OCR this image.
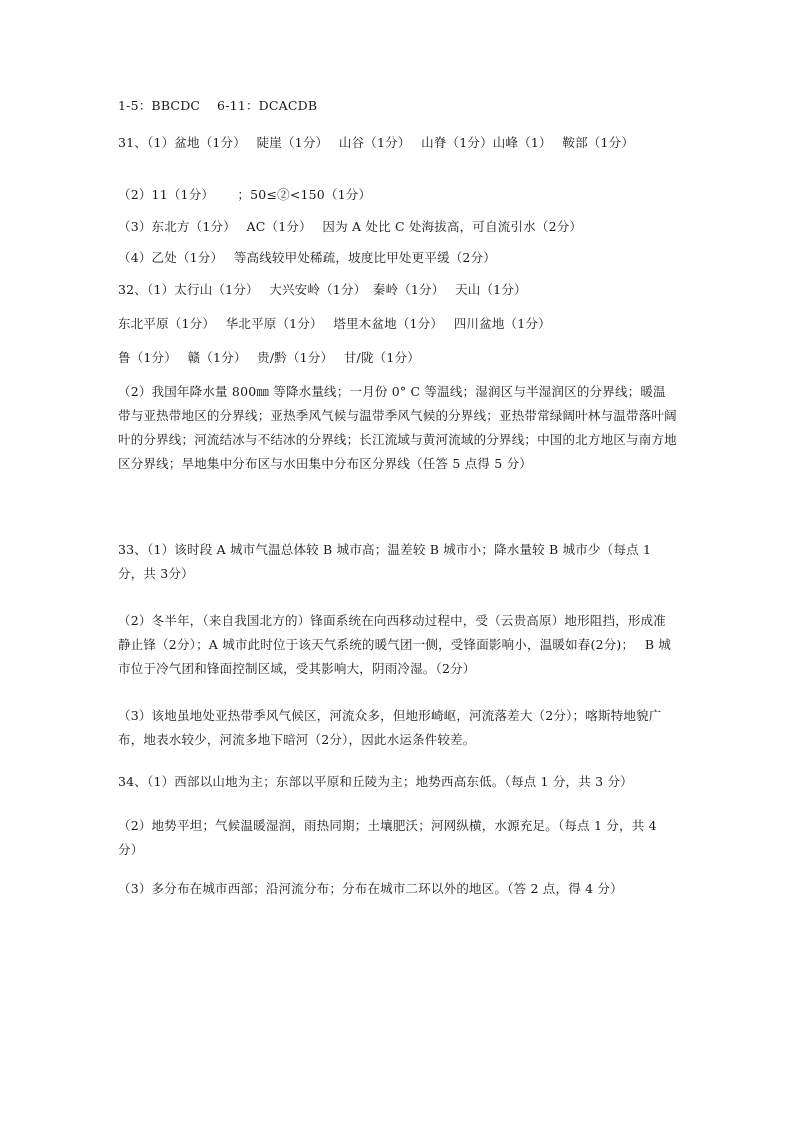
1-5：BBCDC　 6-11：DCACDB
31、（1）盆地（1分）　 陡崖（1分）　 山谷（1分）　 山脊（1分）山峰（1）　 鞍部（1分）
（2）11（1分）　 　；50≤②<150（1分）
（3）东北方（1分）　 AC（1分）　 因为 A 处比 C 处海拔高，可自流引水（2分）
（4）乙处（1分）　 等高线较甲处稀疏，坡度比甲处更平缓（2分）
32、（1）太行山（1分）　 大兴安岭（1分）　秦岭（1分）　 天山（1分）
东北平原（1分）　 华北平原（1分）　 塔里木盆地（1分）　 四川盆地（1分）
鲁（1分）　 赣（1分）　 贵/黔（1分）　 甘/陇（1分）
（2）我国年降水量 800㎜ 等降水量线；一月份 0° C 等温线；湿润区与半湿润区的分界线；暖温带与亚热带地区的分界线；亚热季风气候与温带季风气候的分界线；亚热带常绿阔叶林与温带落叶阔叶的分界线；河流结冰与不结冰的分界线；长江流域与黄河流域的分界线；中国的北方地区与南方地区分界线；旱地集中分布区与水田集中分布区分界线（任答 5 点得 5 分）
33、（1）该时段 A 城市气温总体较 B 城市高；温差较 B 城市小；降水量较 B 城市少（每点 1 分，共 3分）
（2）冬半年，（来自我国北方的）锋面系统在向西移动过程中，受（云贵高原）地形阻挡，形成准静止锋（2分）；A 城市此时位于该天气系统的暖气团一侧，受锋面影响小，温暖如春(2分)；　 B 城市位于冷气团和锋面控制区域，受其影响大，阴雨冷湿。（2分）
（3）该地虽地处亚热带季风气候区，河流众多，但地形崎岖，河流落差大（2分）；喀斯特地貌广布，地表水较少，河流多地下暗河（2分），因此水运条件较差。
34、（1）西部以山地为主；东部以平原和丘陵为主；地势西高东低。（每点 1 分，共 3 分）
（2）地势平坦；气候温暖湿润，雨热同期；土壤肥沃；河网纵横，水源充足。（每点 1 分，共 4 分）
（3）多分布在城市西部；沿河流分布；分布在城市二环以外的地区。（答 2 点，得 4 分）
